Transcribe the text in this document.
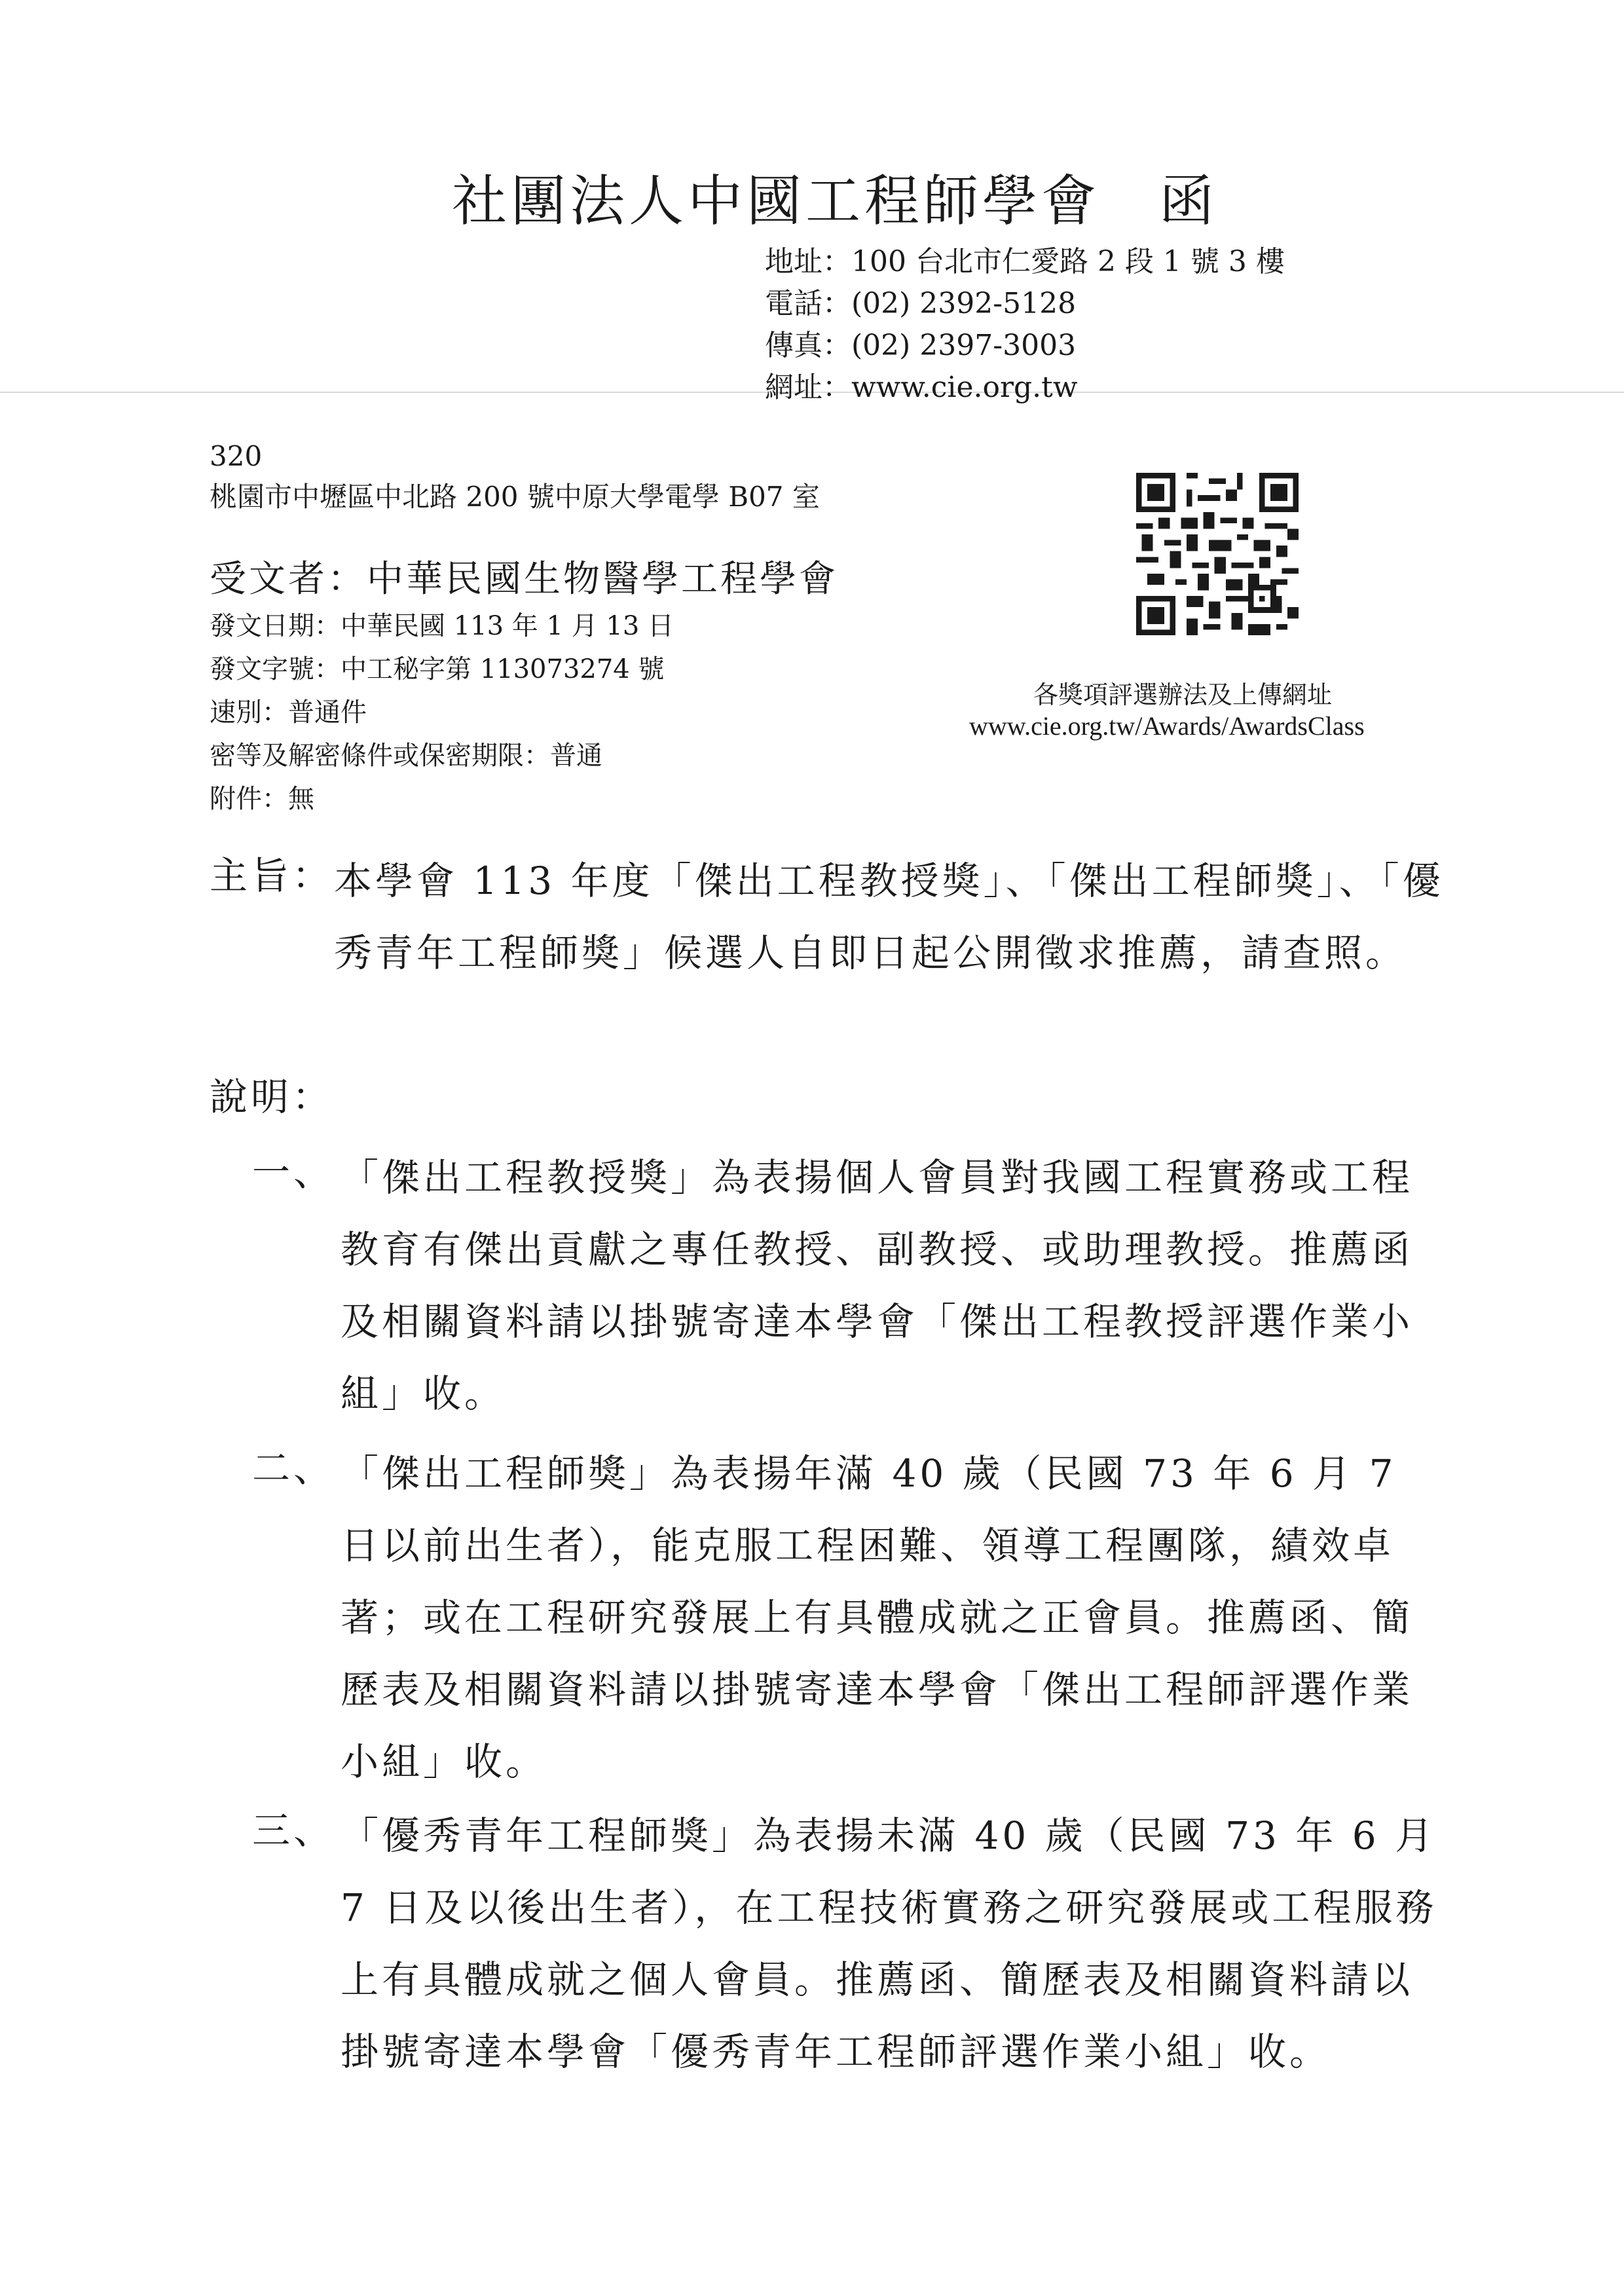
社團法人中國工程師學會　函
地址：100 台北市仁愛路 2 段 1 號 3 樓
電話：(02) 2392-5128
傳真：(02) 2397-3003
網址：www.cie.org.tw
320
桃園市中壢區中北路 200 號中原大學電學 B07 室
受文者：中華民國生物醫學工程學會
發文日期：中華民國 113 年 1 月 13 日
發文字號：中工秘字第 113073274 號
速別：普通件
密等及解密條件或保密期限：普通
附件：無
各獎項評選辦法及上傳網址
www.cie.org.tw/Awards/AwardsClass
主旨： 本學會 113 年度「傑出工程教授獎」、「傑出工程師獎」、「優秀青年工程師獎」候選人自即日起公開徵求推薦，請查照。
說明：
一、 「傑出工程教授獎」為表揚個人會員對我國工程實務或工程教育有傑出貢獻之專任教授、副教授、或助理教授。推薦函及相關資料請以掛號寄達本學會「傑出工程教授評選作業小組」收。
二、 「傑出工程師獎」為表揚年滿 40 歲（民國 73 年 6 月 7 日以前出生者），能克服工程困難、領導工程團隊，績效卓著；或在工程研究發展上有具體成就之正會員。推薦函、簡歷表及相關資料請以掛號寄達本學會「傑出工程師評選作業小組」收。
三、 「優秀青年工程師獎」為表揚未滿 40 歲（民國 73 年 6 月 7 日及以後出生者），在工程技術實務之研究發展或工程服務上有具體成就之個人會員。推薦函、簡歷表及相關資料請以掛號寄達本學會「優秀青年工程師評選作業小組」收。
